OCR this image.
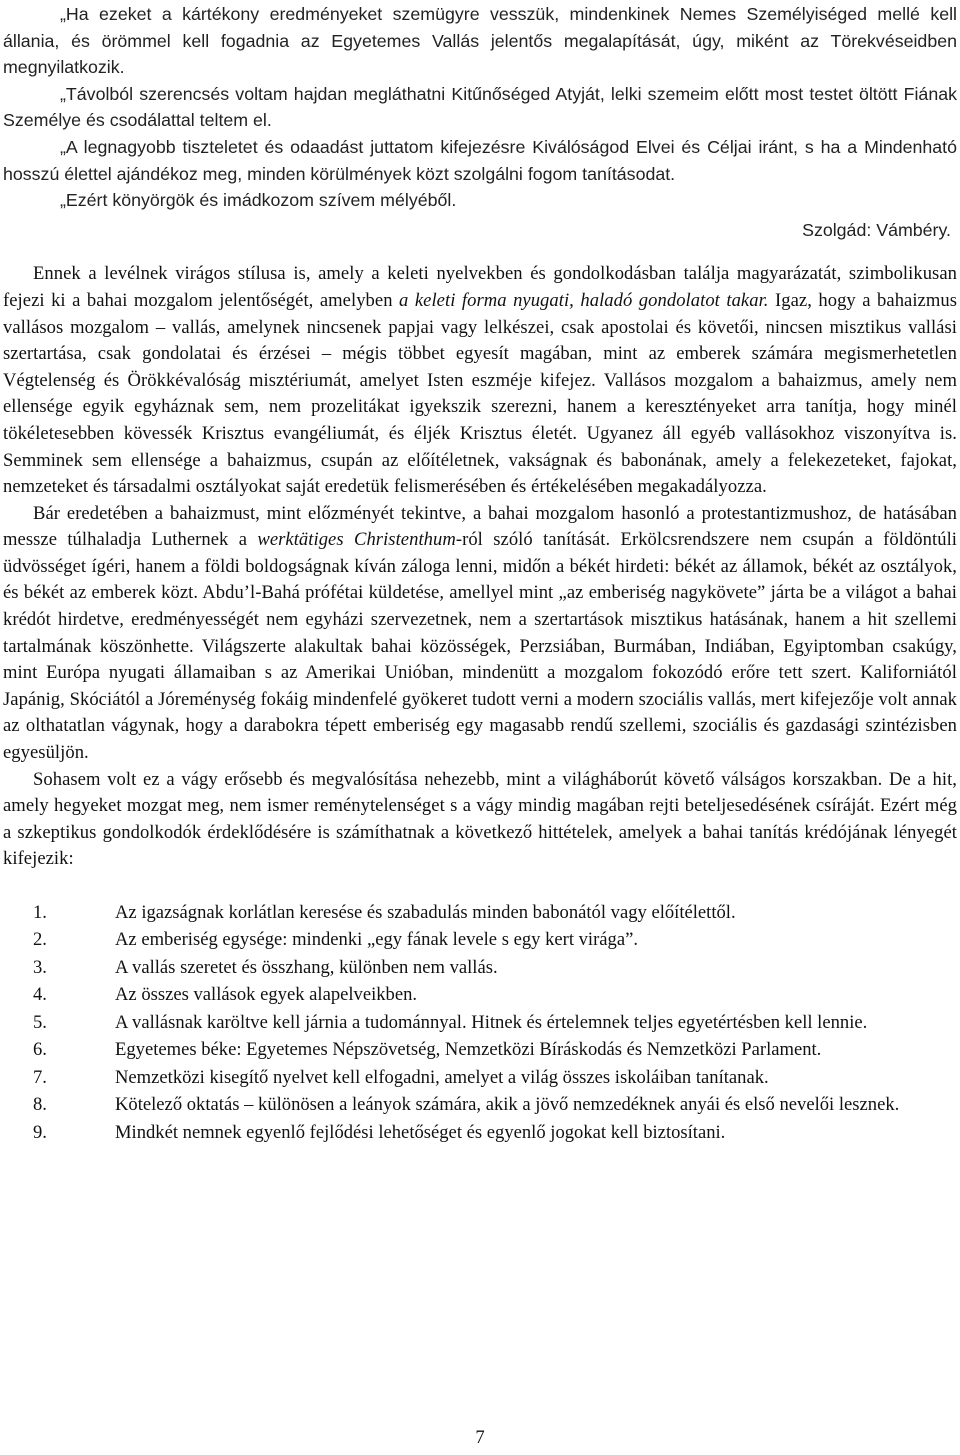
„Ha ezeket a kártékony eredményeket szemügyre vesszük, mindenkinek Nemes Személyiséged mellé kell állania, és örömmel kell fogadnia az Egyetemes Vallás jelentős megalapítását, úgy, miként az Törekvéseidben megnyilatkozik.

„Távolból szerencsés voltam hajdan megláthatni Kitűnőséged Atyját, lelki szemeim előtt most testet öltött Fiának Személye és csodálattal teltem el.

„A legnagyobb tiszteletet és odaadást juttatom kifejezésre Kiválóságod Elvei és Céljai iránt, s ha a Mindenható hosszú élettel ajándékoz meg, minden körülmények közt szolgálni fogom tanításodat.

„Ezért könyörgök és imádkozom szívem mélyéből.

Szolgád: Vámbéry.

Ennek a levélnek virágos stílusa is, amely a keleti nyelvekben és gondolkodásban találja magyarázatát, szimbolikusan fejezi ki a bahai mozgalom jelentőségét, amelyben a keleti forma nyugati, haladó gondolatot takar. Igaz, hogy a bahaizmus vallásos mozgalom – vallás, amelynek nincsenek papjai vagy lelkészei, csak apostolai és követői, nincsen misztikus vallási szertartása, csak gondolatai és érzései – mégis többet egyesít magában, mint az emberek számára megismerhetetlen Végtelenség és Örökkévalóság misztériumát, amelyet Isten eszméje kifejez. Vallásos mozgalom a bahaizmus, amely nem ellensége egyik egyháznak sem, nem prozelitákat igyekszik szerezni, hanem a keresztényeket arra tanítja, hogy minél tökéletesebben kövessék Krisztus evangéliumát, és éljék Krisztus életét. Ugyanez áll egyéb vallásokhoz viszonyítva is. Semminek sem ellensége a bahaizmus, csupán az előítéletnek, vakságnak és babonának, amely a felekezeteket, fajokat, nemzeteket és társadalmi osztályokat saját eredetük felismerésében és értékelésében megakadályozza.

Bár eredetében a bahaizmust, mint előzményét tekintve, a bahai mozgalom hasonló a protestantizmushoz, de hatásában messze túlhaladja Luthernek a werktätiges Christenthum-ról szóló tanítását. Erkölcsrendszere nem csupán a földöntúli üdvösséget ígéri, hanem a földi boldogságnak kíván záloga lenni, midőn a békét hirdeti: békét az államok, békét az osztályok, és békét az emberek közt. Abdu’l-Bahá prófétai küldetése, amellyel mint „az emberiség nagykövete” járta be a világot a bahai krédót hirdetve, eredményességét nem egyházi szervezetnek, nem a szertartások misztikus hatásának, hanem a hit szellemi tartalmának köszönhette. Világszerte alakultak bahai közösségek, Perzsiában, Burmában, Indiában, Egyiptomban csakúgy, mint Európa nyugati államaiban s az Amerikai Unióban, mindenütt a mozgalom fokozódó erőre tett szert. Kaliforniától Japánig, Skóciától a Jóreménység fokáig mindenfelé gyökeret tudott verni a modern szociális vallás, mert kifejezője volt annak az olthatatlan vágynak, hogy a darabokra tépett emberiség egy magasabb rendű szellemi, szociális és gazdasági szintézisben egyesüljön.

Sohasem volt ez a vágy erősebb és megvalósítása nehezebb, mint a világháborút követő válságos korszakban. De a hit, amely hegyeket mozgat meg, nem ismer reménytelenséget s a vágy mindig magában rejti beteljesedésének csíráját. Ezért még a szkeptikus gondolkodók érdeklődésére is számíthatnak a következő hittételek, amelyek a bahai tanítás krédójának lényegét kifejezik:

1.	Az igazságnak korlátlan keresése és szabadulás minden babonától vagy előítélettől.
2.	Az emberiség egysége: mindenki „egy fának levele s egy kert virága”.
3.	A vallás szeretet és összhang, különben nem vallás.
4.	Az összes vallások egyek alapelveikben.
5.	A vallásnak karöltve kell járnia a tudománnyal. Hitnek és értelemnek teljes egyetértésben kell lennie.
6.	Egyetemes béke: Egyetemes Népszövetség, Nemzetközi Bíráskodás és Nemzetközi Parlament.
7.	Nemzetközi kisegítő nyelvet kell elfogadni, amelyet a világ összes iskoláiban tanítanak.
8.	Kötelező oktatás – különösen a leányok számára, akik a jövő nemzedéknek anyái és első nevelői lesznek.
9.	Mindkét nemnek egyenlő fejlődési lehetőséget és egyenlő jogokat kell biztosítani.
7
